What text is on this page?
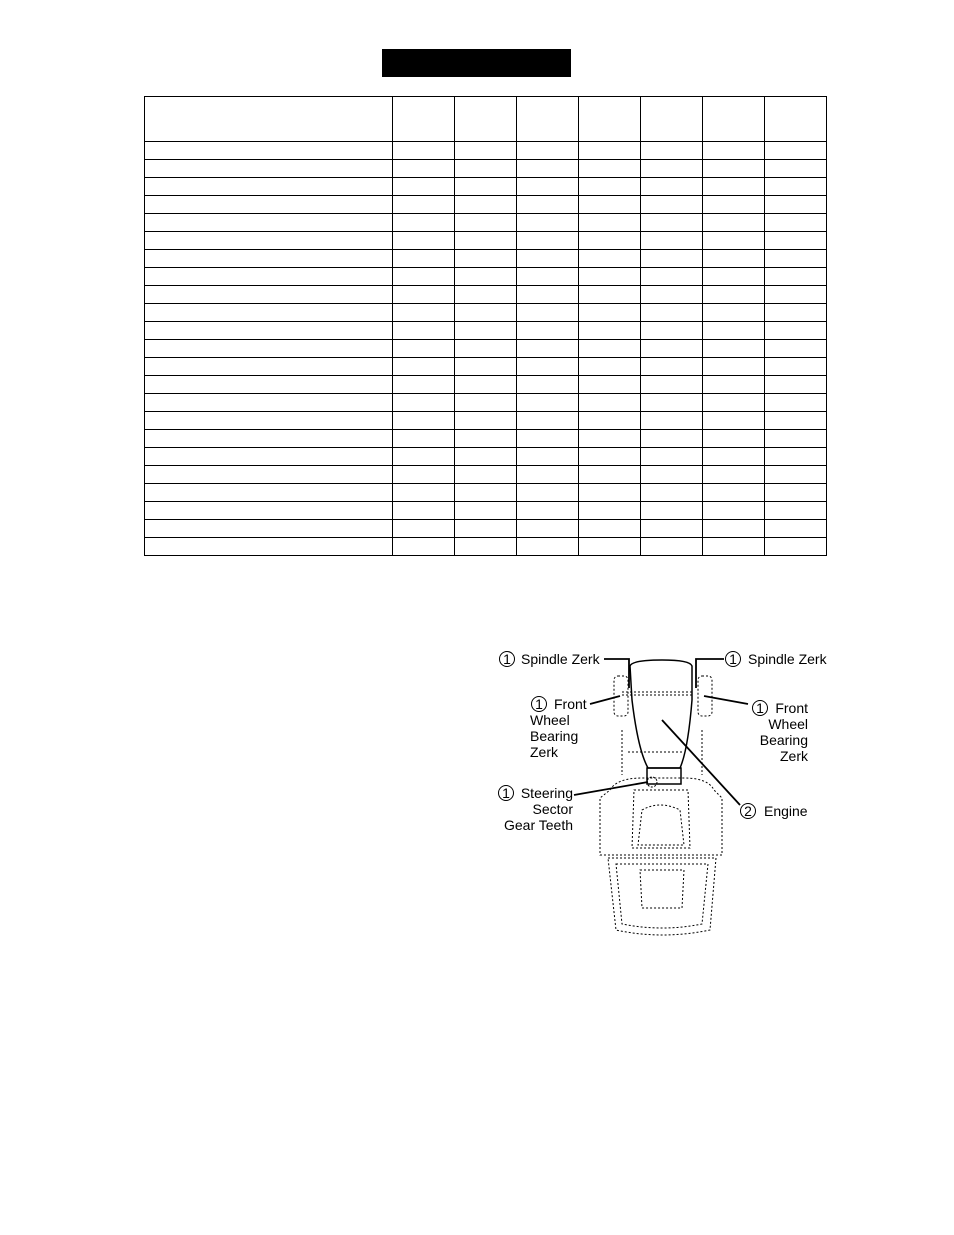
1 Spindle Zerk	1 Spindle Zerk
1 Front
Wheel
Bearing
Zerk
1 Front
Wheel
Bearing
Zerk
1 Steering
Sector
Gear Teeth
2 Engine
